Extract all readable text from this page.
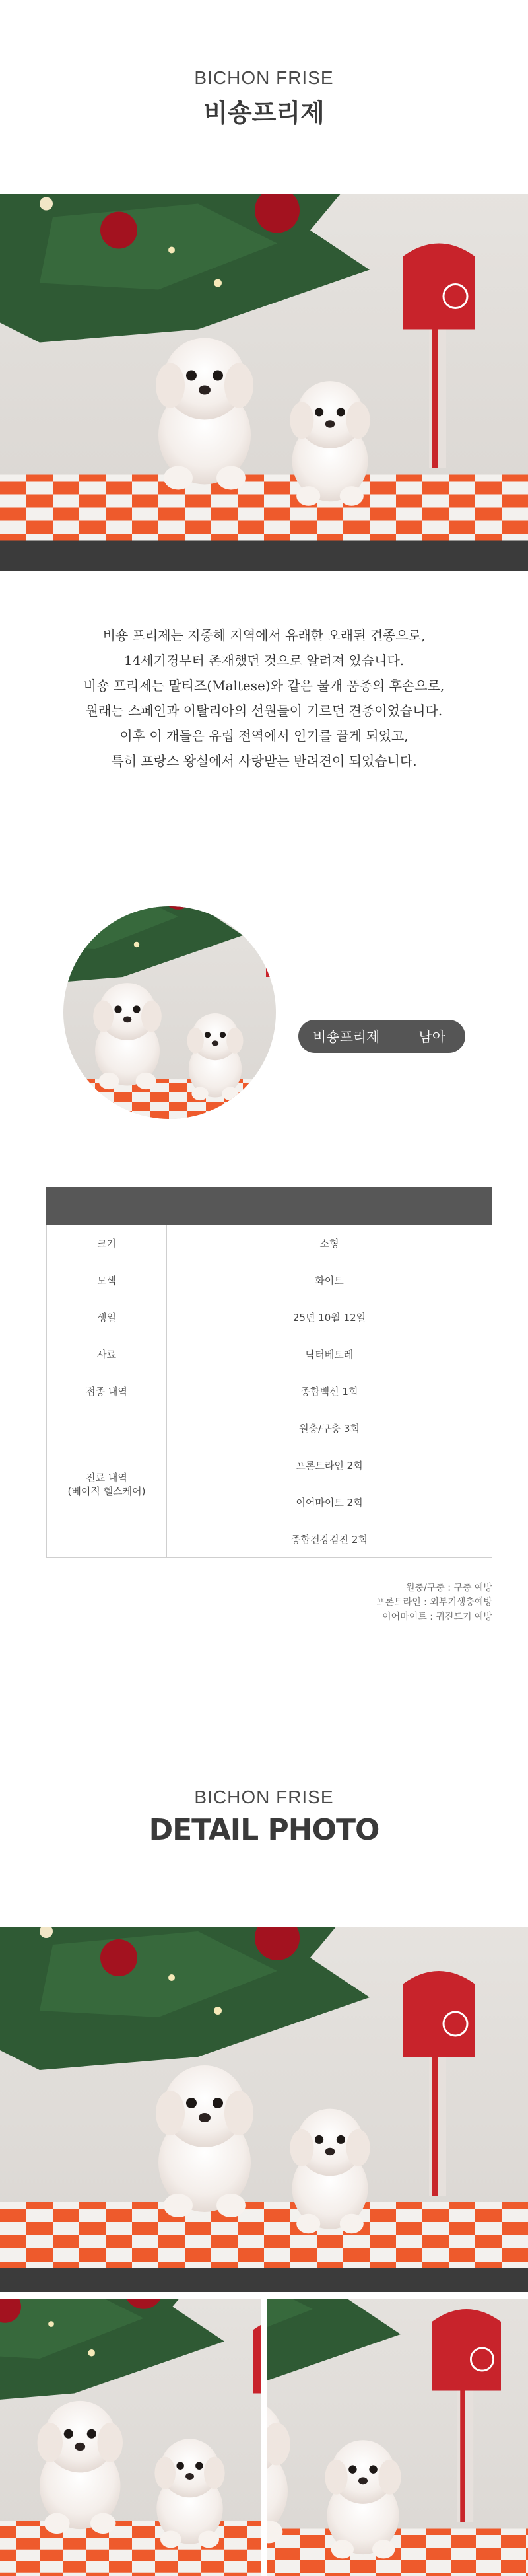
BICHON FRISE
비숑프리제

비숑 프리제는 지중해 지역에서 유래한 오래된 견종으로,

14세기경부터 존재했던 것으로 알려져 있습니다.

비숑 프리제는 말티즈(Maltese)와 같은 물개 품종의 후손으로,

원래는 스페인과 이탈리아의 선원들이 기르던 견종이었습니다.

이후 이 개들은 유럽 전역에서 인기를 끌게 되었고,

특히 프랑스 왕실에서 사랑받는 반려견이 되었습니다.

비숑프리제	남아

크기	소형
모색	화이트
생일	25년 10월 12일
사료	닥터베토레
접종 내역	종합백신 1회

진료 내역
(베이직 헬스케어)	원충/구충 3회
	프론트라인 2회
	이어마이트 2회
	종합건강검진 2회
원충/구충 : 구충 예방
프론트라인 : 외부기생충예방
이어마이트 : 귀진드기 예방
BICHON FRISE
DETAIL PHOTO
